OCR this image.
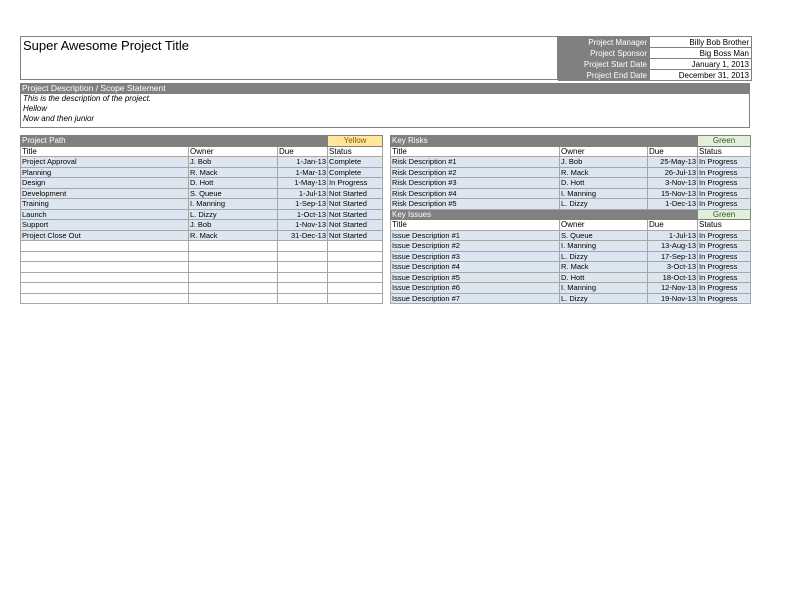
Super Awesome Project Title	Project Manager	Billy Bob Brother
Project Sponsor	Big Boss Man
Project Start Date	January 1, 2013
Project End Date	December 31, 2013
Project Description / Scope Statement
This is the description of the project.
Hellow
Now and then junior
Project Path			Yellow
Title	Owner	Due	Status
Project Approval	J. Bob	1-Jan-13	Complete
Planning	R. Mack	1-Mar-13	Complete
Design	D. Hott	1-May-13	In Progress
Development	S. Queue	1-Jul-13	Not Started
Training	I. Manning	1-Sep-13	Not Started
Launch	L. Dizzy	1-Oct-13	Not Started
Support	J. Bob	1-Nov-13	Not Started
Project Close Out	R. Mack	31-Dec-13	Not Started

Key Risks			Green
Title	Owner	Due	Status
Risk Description #1	J. Bob	25-May-13	In Progress
Risk Description #2	R. Mack	26-Jul-13	In Progress
Risk Description #3	D. Hott	3-Nov-13	In Progress
Risk Description #4	I. Manning	15-Nov-13	In Progress
Risk Description #5	L. Dizzy	1-Dec-13	In Progress
Key Issues			Green
Title	Owner	Due	Status
Issue Description #1	S. Queue	1-Jul-13	In Progress
Issue Description #2	I. Manning	13-Aug-13	In Progress
Issue Description #3	L. Dizzy	17-Sep-13	In Progress
Issue Description #4	R. Mack	3-Oct-13	In Progress
Issue Description #5	D. Hott	18-Oct-13	In Progress
Issue Description #6	I. Manning	12-Nov-13	In Progress
Issue Description #7	L. Dizzy	19-Nov-13	In Progress
